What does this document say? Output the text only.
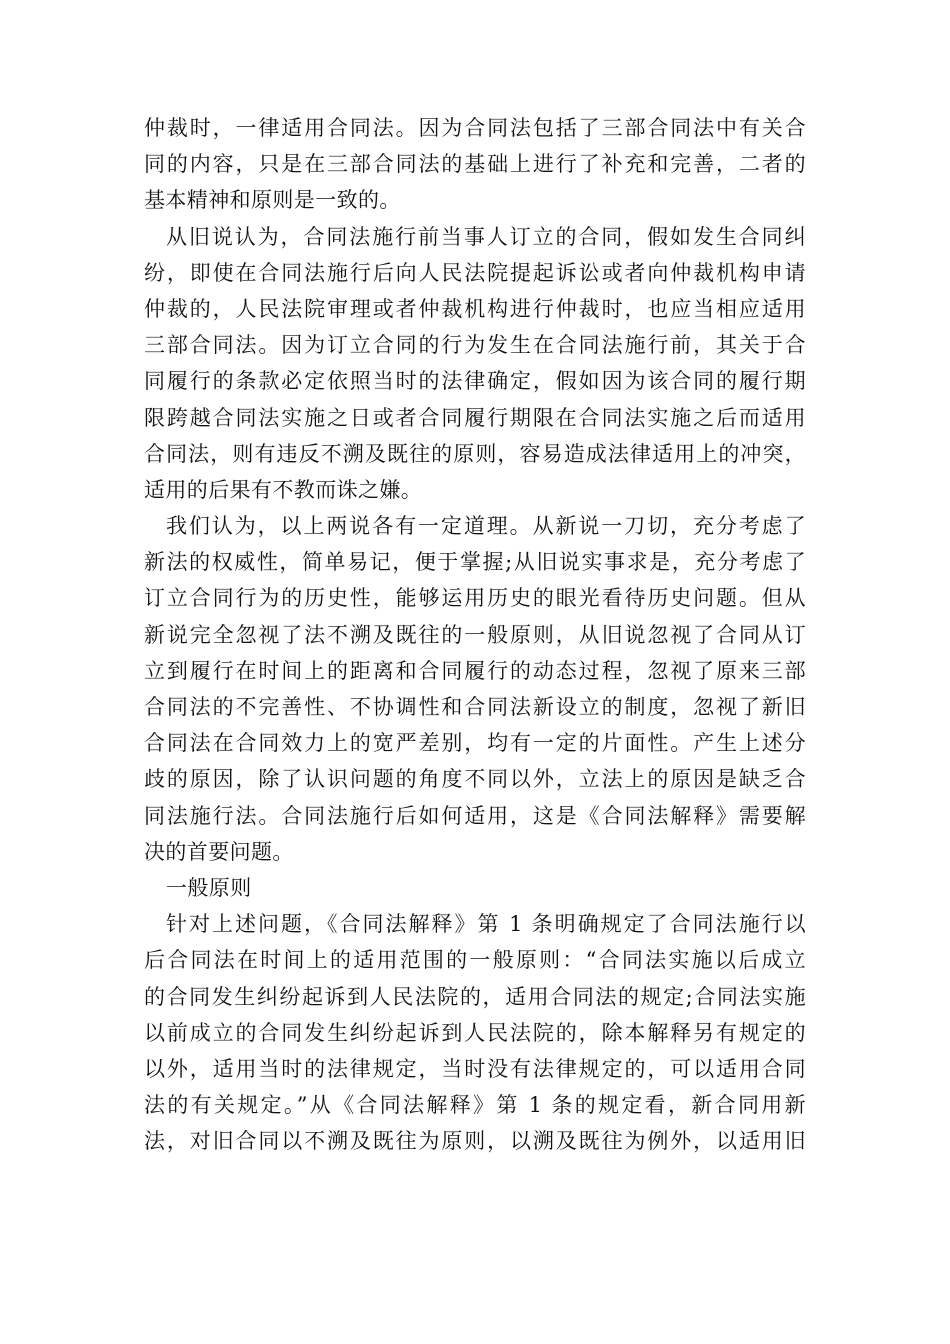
仲裁时，一律适用合同法。因为合同法包括了三部合同法中有关合
同的内容，只是在三部合同法的基础上进行了补充和完善，二者的
基本精神和原则是一致的。
从旧说认为，合同法施行前当事人订立的合同，假如发生合同纠
纷，即使在合同法施行后向人民法院提起诉讼或者向仲裁机构申请
仲裁的，人民法院审理或者仲裁机构进行仲裁时，也应当相应适用
三部合同法。因为订立合同的行为发生在合同法施行前，其关于合
同履行的条款必定依照当时的法律确定，假如因为该合同的履行期
限跨越合同法实施之日或者合同履行期限在合同法实施之后而适用
合同法，则有违反不溯及既往的原则，容易造成法律适用上的冲突，
适用的后果有不教而诛之嫌。
我们认为，以上两说各有一定道理。从新说一刀切，充分考虑了
新法的权威性，简单易记，便于掌握;从旧说实事求是，充分考虑了
订立合同行为的历史性，能够运用历史的眼光看待历史问题。但从
新说完全忽视了法不溯及既往的一般原则，从旧说忽视了合同从订
立到履行在时间上的距离和合同履行的动态过程，忽视了原来三部
合同法的不完善性、不协调性和合同法新设立的制度，忽视了新旧
合同法在合同效力上的宽严差别，均有一定的片面性。产生上述分
歧的原因，除了认识问题的角度不同以外，立法上的原因是缺乏合
同法施行法。合同法施行后如何适用，这是《合同法解释》需要解
决的首要问题。
一般原则
针对上述问题，《合同法解释》第 1 条明确规定了合同法施行以
后合同法在时间上的适用范围的一般原则：“合同法实施以后成立
的合同发生纠纷起诉到人民法院的，适用合同法的规定;合同法实施
以前成立的合同发生纠纷起诉到人民法院的，除本解释另有规定的
以外，适用当时的法律规定，当时没有法律规定的，可以适用合同
法的有关规定。”从《合同法解释》第 1 条的规定看，新合同用新
法，对旧合同以不溯及既往为原则，以溯及既往为例外，以适用旧
